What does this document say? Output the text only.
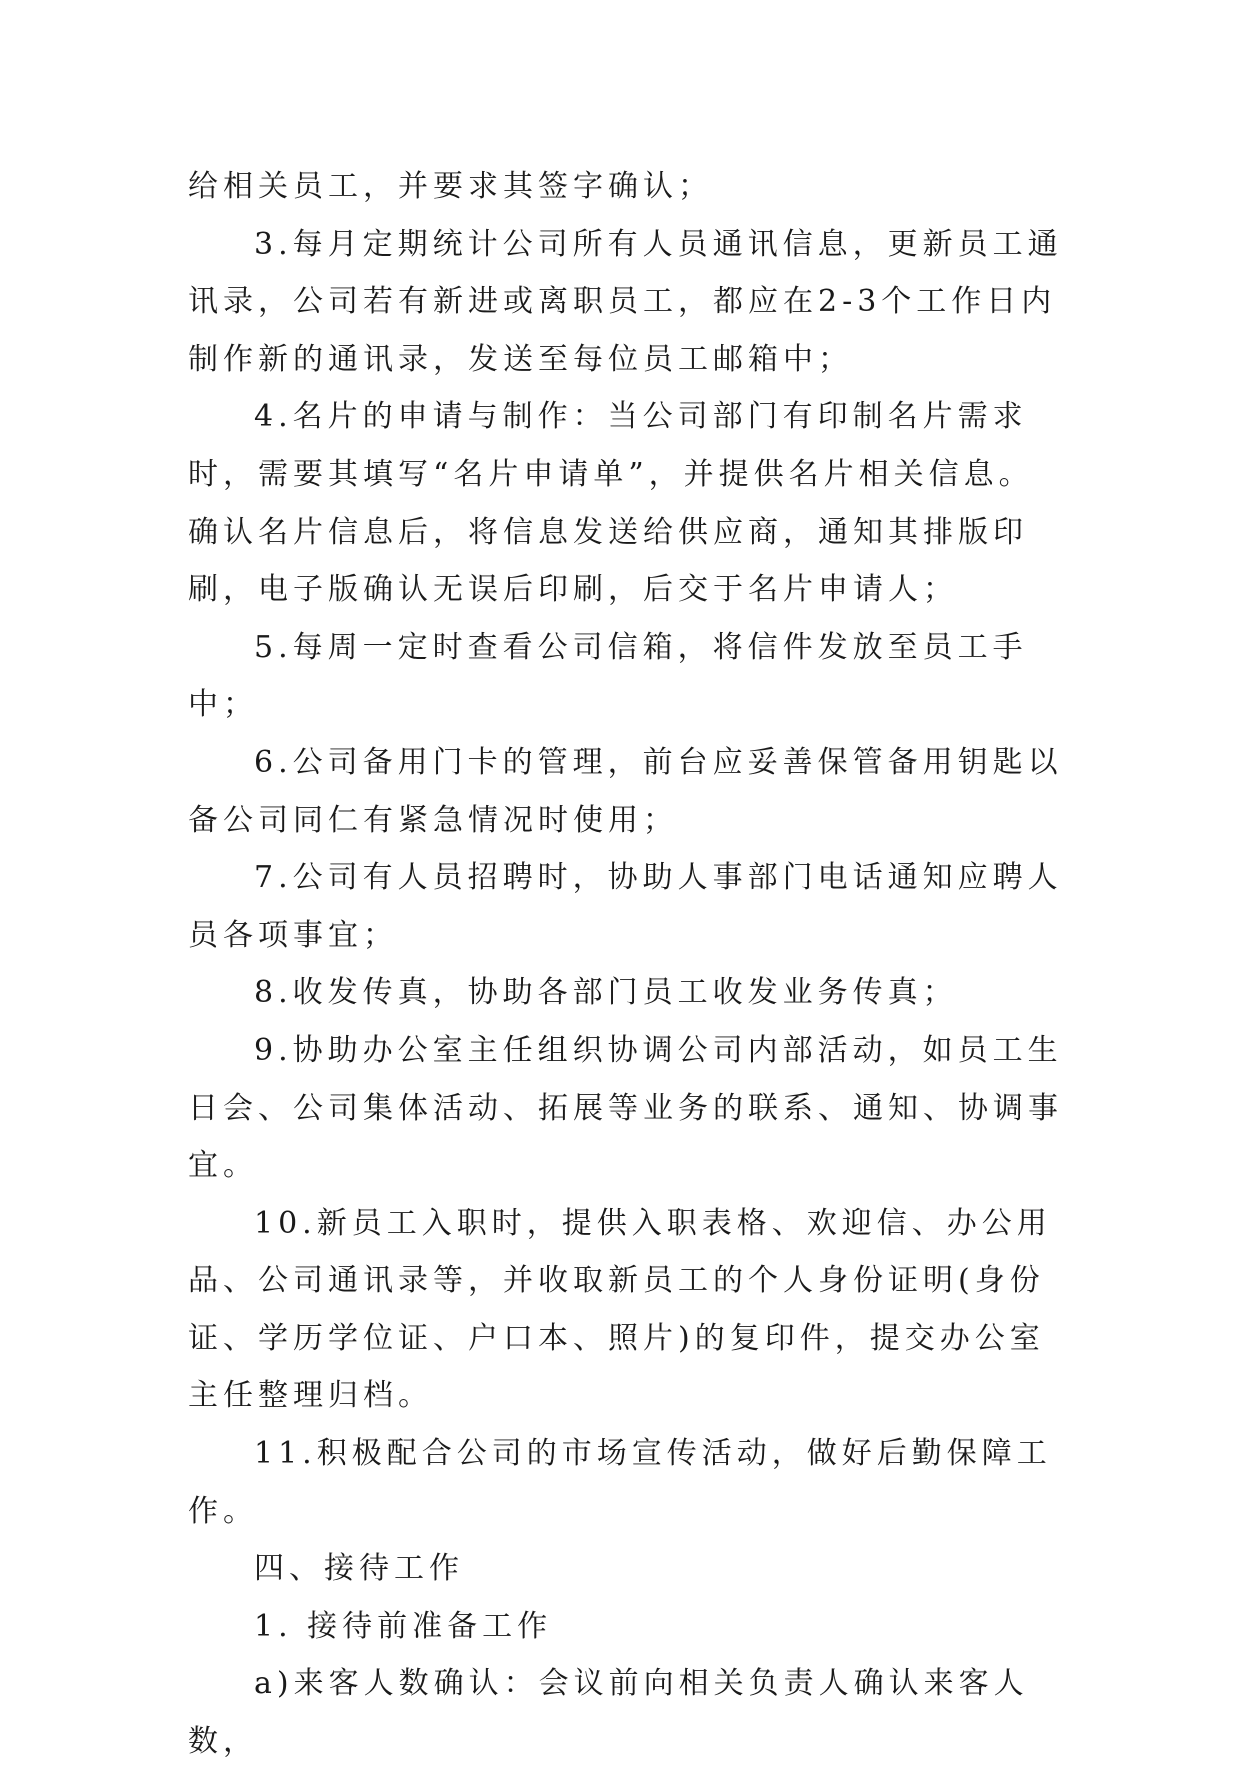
给相关员工，并要求其签字确认；

3.每月定期统计公司所有人员通讯信息，更新员工通讯录，公司若有新进或离职员工，都应在2-3个工作日内制作新的通讯录，发送至每位员工邮箱中；

4.名片的申请与制作：当公司部门有印制名片需求时，需要其填写“名片申请单”，并提供名片相关信息。确认名片信息后，将信息发送给供应商，通知其排版印刷，电子版确认无误后印刷，后交于名片申请人；

5.每周一定时查看公司信箱，将信件发放至员工手中；

6.公司备用门卡的管理，前台应妥善保管备用钥匙以备公司同仁有紧急情况时使用；

7.公司有人员招聘时，协助人事部门电话通知应聘人员各项事宜；

8.收发传真，协助各部门员工收发业务传真；

9.协助办公室主任组织协调公司内部活动，如员工生日会、公司集体活动、拓展等业务的联系、通知、协调事宜。

10.新员工入职时，提供入职表格、欢迎信、办公用品、公司通讯录等，并收取新员工的个人身份证明(身份证、学历学位证、户口本、照片)的复印件，提交办公室主任整理归档。

11.积极配合公司的市场宣传活动，做好后勤保障工作。

四、接待工作

1. 接待前准备工作

a)来客人数确认：会议前向相关负责人确认来客人数，
